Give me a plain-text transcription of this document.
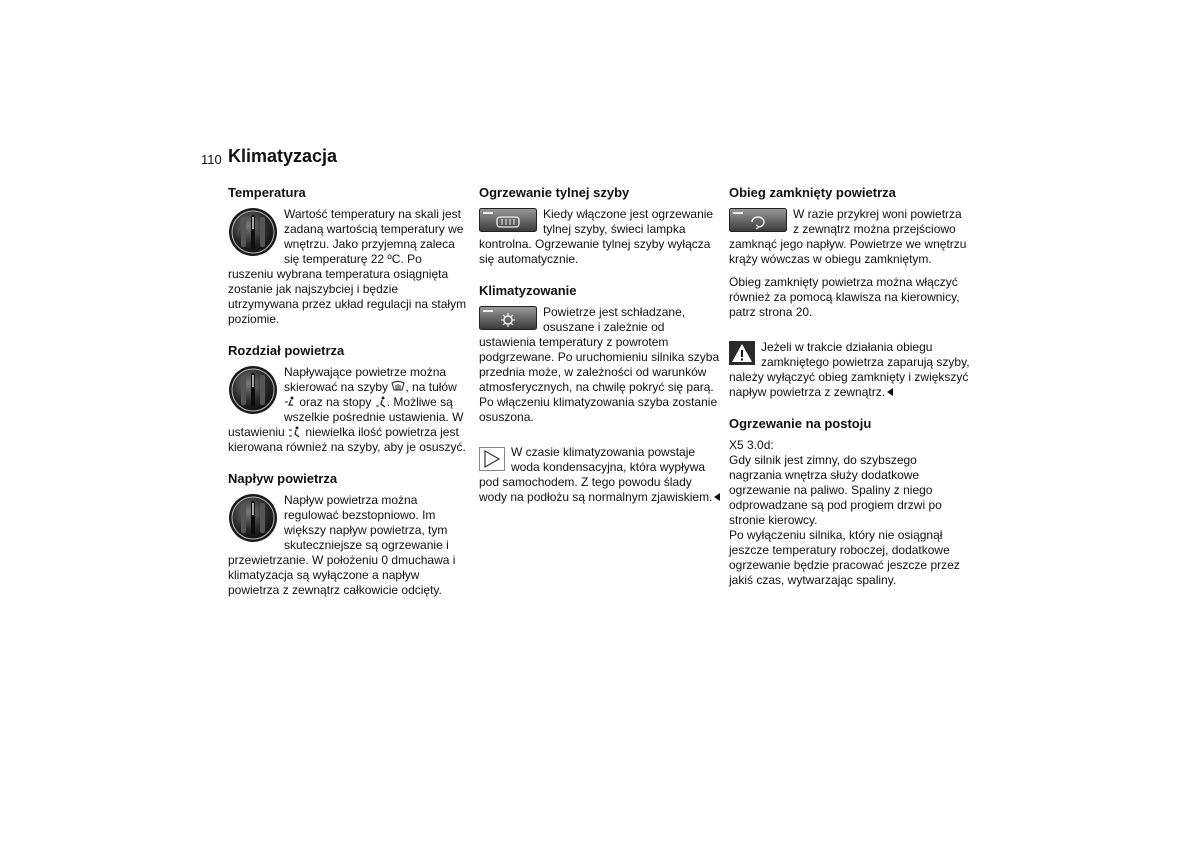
110 Klimatyzacja
Temperatura

Wartość temperatury na skali jest zadaną wartością temperatury we wnętrzu. Jako przyjemną zaleca się temperaturę 22 ºC. Po ruszeniu wybrana temperatura osiągnięta zostanie jak najszybciej i będzie utrzymywana przez układ regulacji na stałym poziomie.

Rozdział powietrza

Napływające powietrze można skierować na szyby , na tułów  oraz na stopy . Możliwe są wszelkie pośrednie ustawienia. W ustawieniu niewielka ilość powietrza jest kierowana również na szyby, aby je osuszyć.

Napływ powietrza

Napływ powietrza można regulować bezstopniowo. Im większy napływ powietrza, tym skuteczniejsze są ogrzewanie i przewietrzanie. W położeniu 0 dmuchawa i klimatyzacja są wyłączone a napływ powietrza z zewnątrz całkowicie odcięty.

Ogrzewanie tylnej szyby

Kiedy włączone jest ogrzewanie tylnej szyby, świeci lampka kontrolna. Ogrzewanie tylnej szyby wyłącza się automatycznie.

Klimatyzowanie

Powietrze jest schładzane, osuszane i zależnie od ustawienia temperatury z powrotem podgrzewane. Po uruchomieniu silnika szyba przednia może, w zależności od warunków atmosferycznych, na chwilę pokryć się parą. Po włączeniu klimatyzowania szyba zostanie osuszona.

W czasie klimatyzowania powstaje woda kondensacyjna, która wypływa pod samochodem. Z tego powodu ślady wody na podłożu są normalnym zjawiskiem.

Obieg zamknięty powietrza

W razie przykrej woni powietrza z zewnątrz można przejściowo zamknąć jego napływ. Powietrze we wnętrzu krąży wówczas w obiegu zamkniętym.

Obieg zamknięty powietrza można włączyć również za pomocą klawisza na kierownicy, patrz strona 20.

Jeżeli w trakcie działania obiegu zamkniętego powietrza zaparują szyby, należy wyłączyć obieg zamknięty i zwiększyć napływ powietrza z zewnątrz.

Ogrzewanie na postoju

X5 3.0d:

Gdy silnik jest zimny, do szybszego nagrzania wnętrza służy dodatkowe ogrzewanie na paliwo. Spaliny z niego odprowadzane są pod progiem drzwi po stronie kierowcy.

Po wyłączeniu silnika, który nie osiągnął jeszcze temperatury roboczej, dodatkowe ogrzewanie będzie pracować jeszcze przez jakiś czas, wytwarzając spaliny.
